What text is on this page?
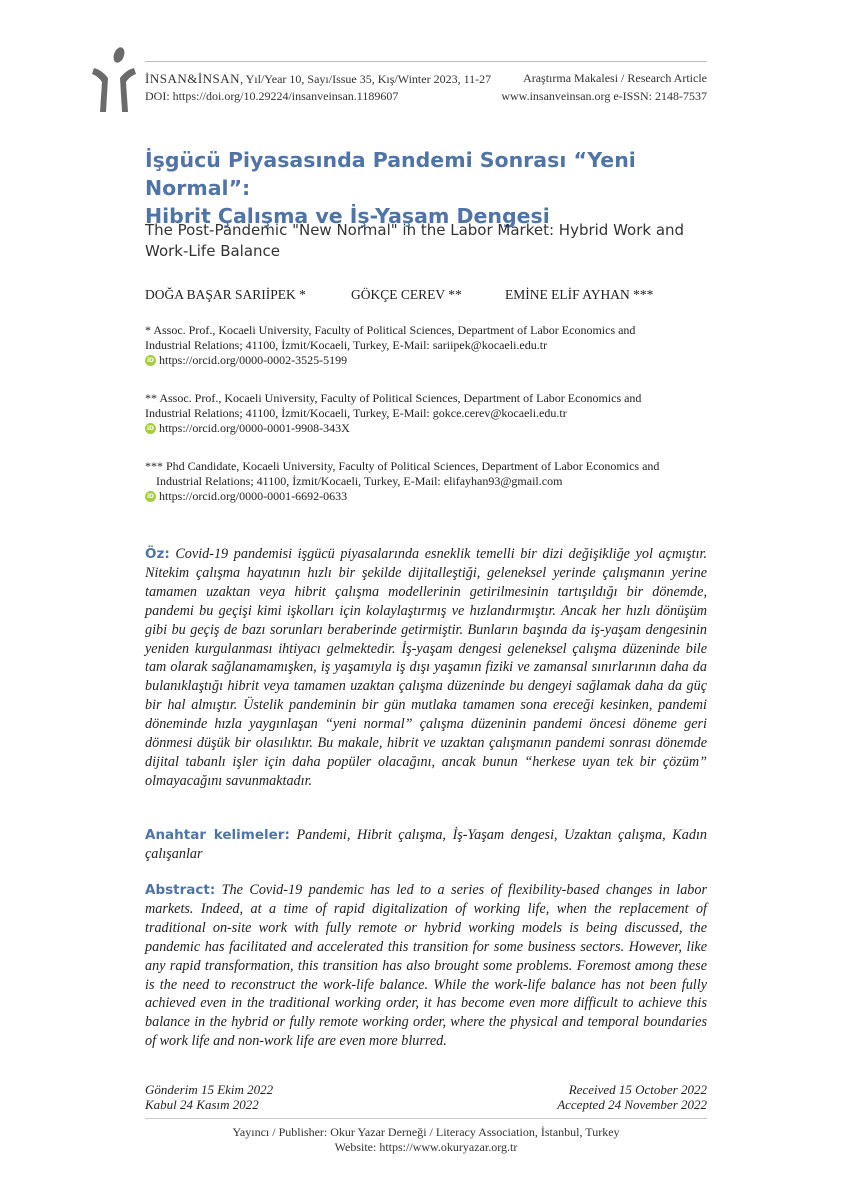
İNSAN&İNSAN, Yıl/Year 10, Sayı/Issue 35, Kış/Winter 2023, 11-27	Araştırma Makalesi / Research Article
DOI: https://doi.org/10.29224/insanveinsan.1189607	www.insanveinsan.org e-ISSN: 2148-7537
İşgücü Piyasasında Pandemi Sonrası “Yeni Normal”:
Hibrit Çalışma ve İş-Yaşam Dengesi
The Post-Pandemic "New Normal" in the Labor Market: Hybrid Work and Work-Life Balance
DOĞA BAŞAR SARIİPEK *	GÖKÇE CEREV **	EMİNE ELİF AYHAN ***
* Assoc. Prof., Kocaeli University, Faculty of Political Sciences, Department of Labor Economics and
Industrial Relations; 41100, İzmit/Kocaeli, Turkey, E-Mail: sariipek@kocaeli.edu.tr
iD https://orcid.org/0000-0002-3525-5199
** Assoc. Prof., Kocaeli University, Faculty of Political Sciences, Department of Labor Economics and
Industrial Relations; 41100, İzmit/Kocaeli, Turkey, E-Mail: gokce.cerev@kocaeli.edu.tr
iD https://orcid.org/0000-0001-9908-343X
*** Phd Candidate, Kocaeli University, Faculty of Political Sciences, Department of Labor Economics and
Industrial Relations; 41100, İzmit/Kocaeli, Turkey, E-Mail: elifayhan93@gmail.com
iD https://orcid.org/0000-0001-6692-0633
Öz: Covid-19 pandemisi işgücü piyasalarında esneklik temelli bir dizi değişikliğe yol açmıştır. Nitekim çalışma hayatının hızlı bir şekilde dijitalleştiği, geleneksel yerinde çalışmanın yerine tamamen uzaktan veya hibrit çalışma modellerinin getirilmesinin tartışıldığı bir dönemde, pandemi bu geçişi kimi işkolları için kolaylaştırmış ve hızlandırmıştır. Ancak her hızlı dönüşüm gibi bu geçiş de bazı sorunları beraberinde getirmiştir. Bunların başında da iş-yaşam dengesinin yeniden kurgulanması ihtiyacı gelmektedir. İş-yaşam dengesi geleneksel çalışma düzeninde bile tam olarak sağlanamamışken, iş yaşamıyla iş dışı yaşamın fiziki ve zamansal sınırlarının daha da bulanıklaştığı hibrit veya tamamen uzaktan çalışma düzeninde bu dengeyi sağlamak daha da güç bir hal almıştır. Üstelik pandeminin bir gün mutlaka tamamen sona ereceği kesinken, pandemi döneminde hızla yaygınlaşan “yeni normal” çalışma düzeninin pandemi öncesi döneme geri dönmesi düşük bir olasılıktır. Bu makale, hibrit ve uzaktan çalışmanın pandemi sonrası dönemde dijital tabanlı işler için daha popüler olacağını, ancak bunun “herkese uyan tek bir çözüm” olmayacağını savunmaktadır.
Anahtar kelimeler: Pandemi, Hibrit çalışma, İş-Yaşam dengesi, Uzaktan çalışma, Kadın çalışanlar
Abstract: The Covid-19 pandemic has led to a series of flexibility-based changes in labor markets. Indeed, at a time of rapid digitalization of working life, when the replacement of traditional on-site work with fully remote or hybrid working models is being discussed, the pandemic has facilitated and accelerated this transition for some business sectors. However, like any rapid transformation, this transition has also brought some problems. Foremost among these is the need to reconstruct the work-life balance. While the work-life balance has not been fully achieved even in the traditional working order, it has become even more difficult to achieve this balance in the hybrid or fully remote working order, where the physical and temporal boundaries of work life and non-work life are even more blurred.
Gönderim 15 Ekim 2022	Received 15 October 2022
Kabul 24 Kasım 2022	Accepted 24 November 2022
Yayıncı / Publisher: Okur Yazar Derneği / Literacy Association, İstanbul, Turkey
Website: https://www.okuryazar.org.tr
